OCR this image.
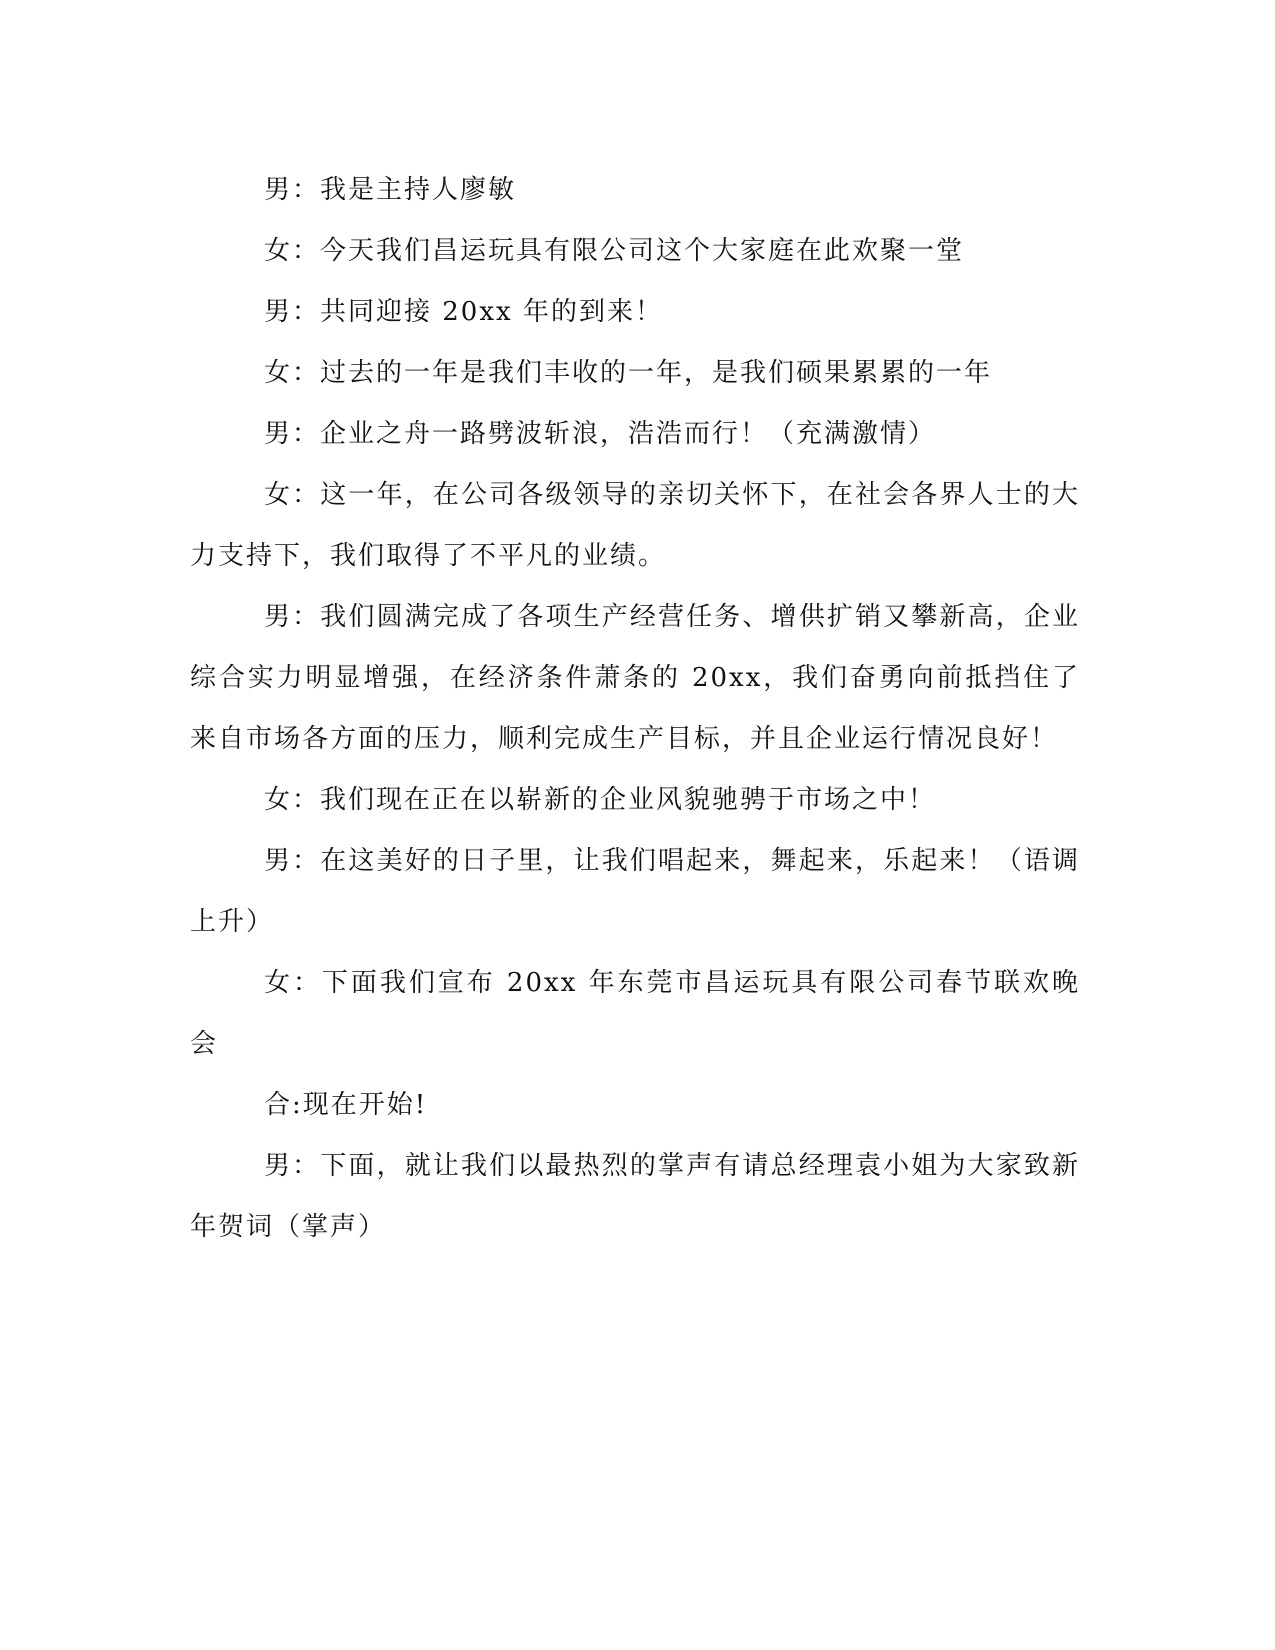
男：我是主持人廖敏

女：今天我们昌运玩具有限公司这个大家庭在此欢聚一堂

男：共同迎接 20xx 年的到来！

女：过去的一年是我们丰收的一年，是我们硕果累累的一年

男：企业之舟一路劈波斩浪，浩浩而行！（充满激情）

女：这一年，在公司各级领导的亲切关怀下，在社会各界人士的大力支持下，我们取得了不平凡的业绩。

男：我们圆满完成了各项生产经营任务、增供扩销又攀新高，企业综合实力明显增强，在经济条件萧条的 20xx，我们奋勇向前抵挡住了来自市场各方面的压力，顺利完成生产目标，并且企业运行情况良好！

女：我们现在正在以崭新的企业风貌驰骋于市场之中！

男：在这美好的日子里，让我们唱起来，舞起来，乐起来！（语调上升）

女：下面我们宣布 20xx 年东莞市昌运玩具有限公司春节联欢晚会

合:现在开始!

男：下面，就让我们以最热烈的掌声有请总经理袁小姐为大家致新年贺词（掌声）
